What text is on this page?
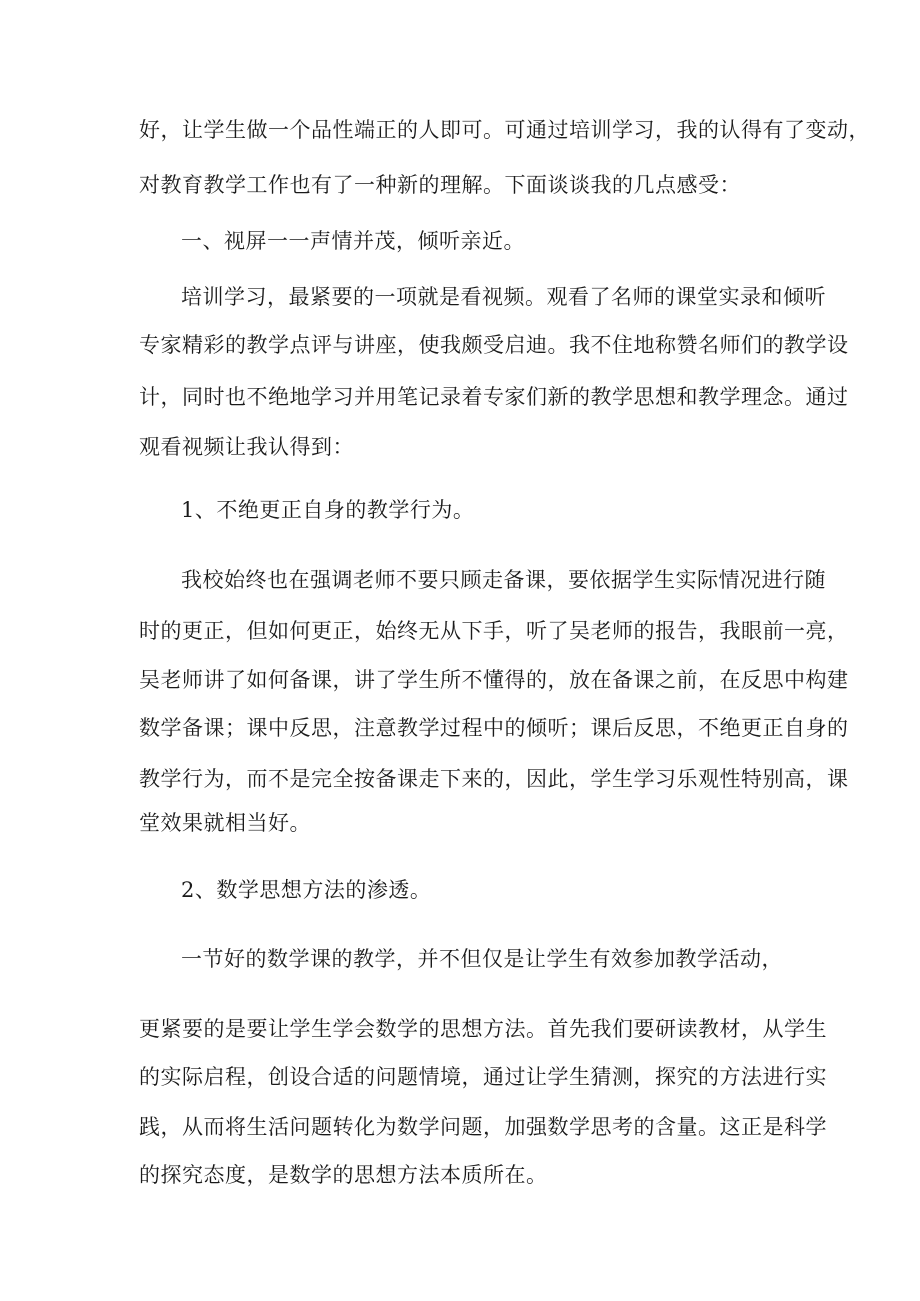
好，让学生做一个品性端正的人即可。可通过培训学习，我的认得有了变动，
对教育教学工作也有了一种新的理解。下面谈谈我的几点感受：
一、视屏一一声情并茂，倾听亲近。
培训学习，最紧要的一项就是看视频。观看了名师的课堂实录和倾听
专家精彩的教学点评与讲座，使我颇受启迪。我不住地称赞名师们的教学设
计，同时也不绝地学习并用笔记录着专家们新的教学思想和教学理念。通过
观看视频让我认得到：
1、不绝更正自身的教学行为。
我校始终也在强调老师不要只顾走备课，要依据学生实际情况进行随
时的更正，但如何更正，始终无从下手，听了吴老师的报告，我眼前一亮，
吴老师讲了如何备课，讲了学生所不懂得的，放在备课之前，在反思中构建
数学备课；课中反思，注意教学过程中的倾听；课后反思，不绝更正自身的
教学行为，而不是完全按备课走下来的，因此，学生学习乐观性特别高，课
堂效果就相当好。
2、数学思想方法的渗透。
一节好的数学课的教学，并不但仅是让学生有效参加教学活动，
更紧要的是要让学生学会数学的思想方法。首先我们要研读教材，从学生
的实际启程，创设合适的问题情境，通过让学生猜测，探究的方法进行实
践，从而将生活问题转化为数学问题，加强数学思考的含量。这正是科学
的探究态度，是数学的思想方法本质所在。
